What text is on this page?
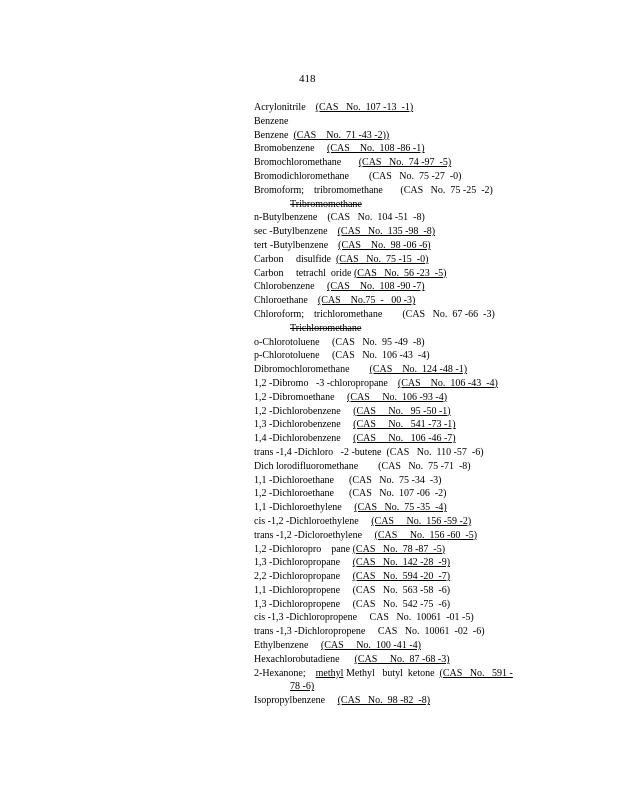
418
Acrylonitrile    (CAS   No.  107 -13  -1)
Benzene
Benzene  (CAS    No.  71 -43 -2))
Bromobenzene     (CAS    No.  108 -86 -1)
Bromochloromethane       (CAS   No.  74 -97  -5)
Bromodichloromethane        (CAS   No.  75 -27  -0)
Bromoform;    tribromomethane       (CAS   No.  75 -25  -2)
Tribromomethane
n-Butylbenzene    (CAS   No.  104 -51  -8)
sec -Butylbenzene    (CAS   No.  135 -98  -8)
tert -Butylbenzene    (CAS    No.  98 -06 -6)
Carbon     disulfide  (CAS   No.  75 -15  -0)
Carbon     tetrachl  oride (CAS   No.  56 -23  -5)
Chlorobenzene     (CAS    No.  108 -90 -7)
Chloroethane    (CAS    No.75  -   00 -3)
Chloroform;    trichloromethane        (CAS   No.  67 -66  -3)
Trichloromethane
o-Chlorotoluene     (CAS   No.  95 -49  -8)
p-Chlorotoluene     (CAS   No.  106 -43  -4)
Dibromochloromethane        (CAS    No.  124 -48 -1)
1,2 -Dibromo   -3 -chloropropane    (CAS    No.  106 -43  -4)
1,2 -Dibromoethane     (CAS     No.  106 -93 -4)
1,2 -Dichlorobenzene     (CAS     No.   95 -50 -1)
1,3 -Dichlorobenzene     (CAS     No.   541 -73 -1)
1,4 -Dichlorobenzene     (CAS     No.   106 -46 -7)
trans -1,4 -Dichloro   -2 -butene  (CAS   No.  110 -57  -6)
Dich lorodifluoromethane        (CAS   No.  75 -71  -8)
1,1 -Dichloroethane      (CAS   No.  75 -34  -3)
1,2 -Dichloroethane      (CAS   No.  107 -06  -2)
1,1 -Dichloroethylene     (CAS   No.  75 -35  -4)
cis -1,2 -Dichloroethylene     (CAS     No.  156 -59 -2)
trans -1,2 -Dicloroethylene     (CAS     No.  156 -60  -5)
1,2 -Dichloropro    pane (CAS   No.  78 -87  -5)
1,3 -Dichloropropane     (CAS   No.  142 -28  -9)
2,2 -Dichloropropane     (CAS   No.  594 -20  -7)
1,1 -Dichloropropene     (CAS   No.  563 -58  -6)
1,3 -Dichloropropene     (CAS   No.  542 -75  -6)
cis -1,3 -Dichloropropene     CAS   No.  10061  -01 -5)
trans -1,3 -Dichloropropene     CAS   No.  10061  -02  -6)
Ethylbenzene     (CAS     No.  100 -41 -4)
Hexachlorobutadiene      (CAS     No.  87 -68 -3)
2-Hexanone;    methyl Methyl   butyl  ketone  (CAS   No.   591 -
78 -6)
Isopropylbenzene     (CAS   No.  98 -82  -8)
